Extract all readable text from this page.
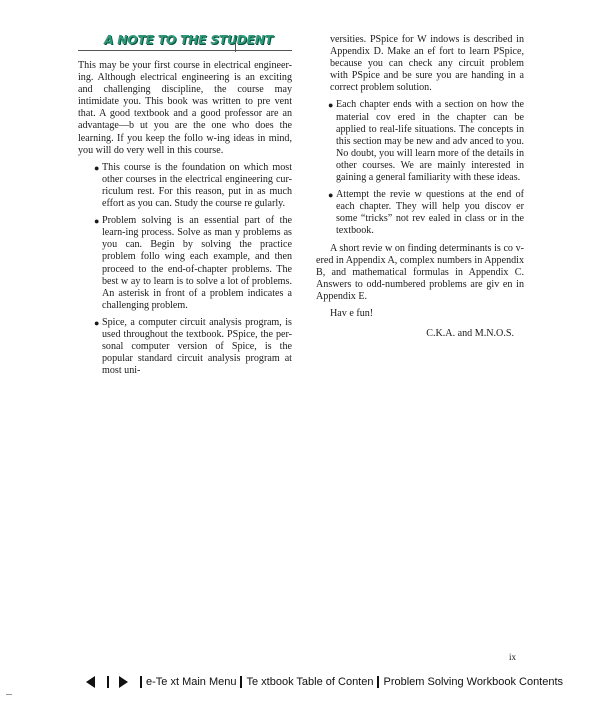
A NOTE TO THE STUDENT

This may be your first course in electrical engineer-ing. Although electrical engineering is an exciting and challenging discipline, the course may intimidate you. This book was written to pre vent that. A good textbook and a good professor are an advantage—b ut you are the one who does the learning. If you keep the follo w-ing ideas in mind, you will do very well in this course.

● This course is the foundation on which most other courses in the electrical engineering cur-riculum rest. For this reason, put in as much effort as you can. Study the course re gularly.
● Problem solving is an essential part of the learn-ing process. Solve as man y problems as you can. Begin by solving the practice problem follo wing each example, and then proceed to the end-of-chapter problems. The best w ay to learn is to solve a lot of problems. An asterisk in front of a problem indicates a challenging problem.
● Spice, a computer circuit analysis program, is used throughout the textbook. PSpice, the per-sonal computer version of Spice, is the popular standard circuit analysis program at most uni-
versities. PSpice for W indows is described in Appendix D. Make an ef fort to learn PSpice, because you can check any circuit problem with PSpice and be sure you are handing in a correct problem solution.
● Each chapter ends with a section on how the material cov ered in the chapter can be applied to real-life situations. The concepts in this section may be new and adv anced to you. No doubt, you will learn more of the details in other courses. We are mainly interested in gaining a general familiarity with these ideas.
● Attempt the revie w questions at the end of each chapter. They will help you discov er some “tricks” not rev ealed in class or in the textbook.

A short revie w on finding determinants is co v-ered in Appendix A, complex numbers in Appendix B, and mathematical formulas in Appendix C. Answers to odd-numbered problems are giv en in Appendix E.

Hav e fun!

C.K.A. and M.N.O.S.

ix
e-Te xt Main Menu Te xtbook Table of Conten Problem Solving Workbook Contents
